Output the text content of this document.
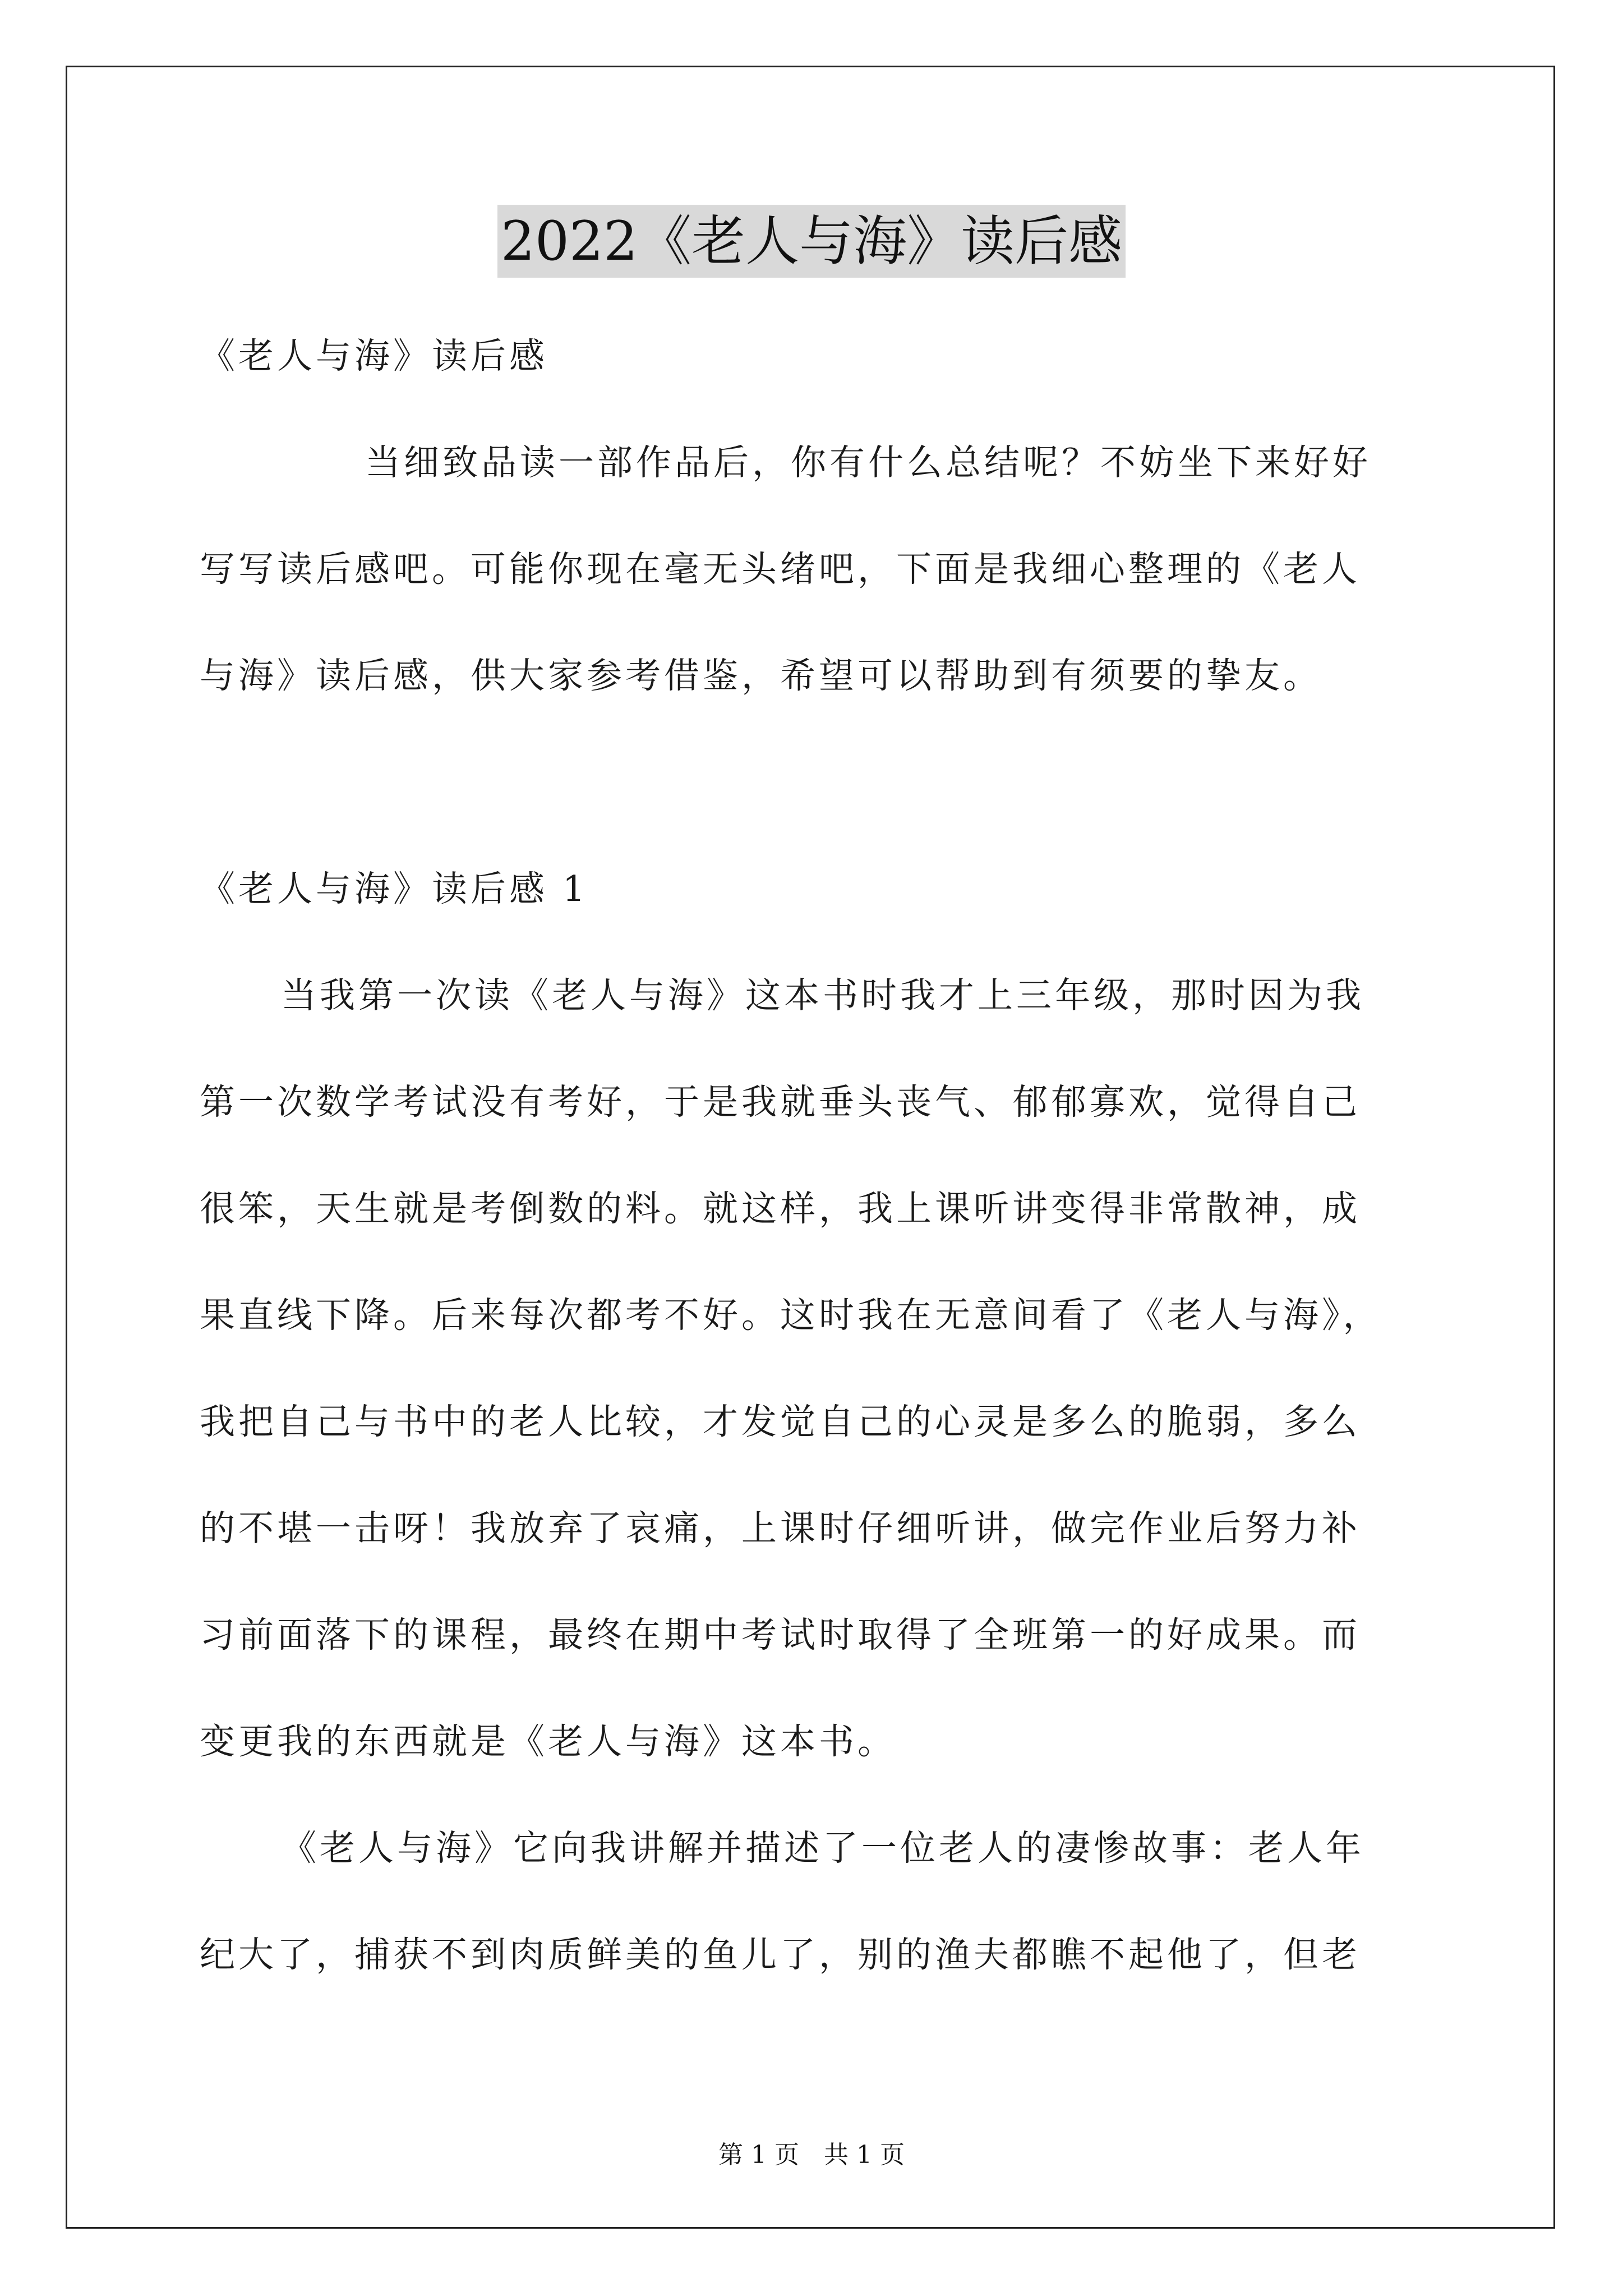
2022《老人与海》读后感
《老人与海》读后感
当细致品读一部作品后，你有什么总结呢？不妨坐下来好好
写写读后感吧。可能你现在毫无头绪吧，下面是我细心整理的《老人
与海》读后感，供大家参考借鉴，希望可以帮助到有须要的挚友。
《老人与海》读后感 1
当我第一次读《老人与海》这本书时我才上三年级，那时因为我
第一次数学考试没有考好，于是我就垂头丧气、郁郁寡欢，觉得自己
很笨，天生就是考倒数的料。就这样，我上课听讲变得非常散神，成
果直线下降。后来每次都考不好。这时我在无意间看了《老人与海》，
我把自己与书中的老人比较，才发觉自己的心灵是多么的脆弱，多么
的不堪一击呀！我放弃了哀痛，上课时仔细听讲，做完作业后努力补
习前面落下的课程，最终在期中考试时取得了全班第一的好成果。而
变更我的东西就是《老人与海》这本书。
《老人与海》它向我讲解并描述了一位老人的凄惨故事：老人年
纪大了，捕获不到肉质鲜美的鱼儿了，别的渔夫都瞧不起他了，但老
第 1 页　共 1 页
